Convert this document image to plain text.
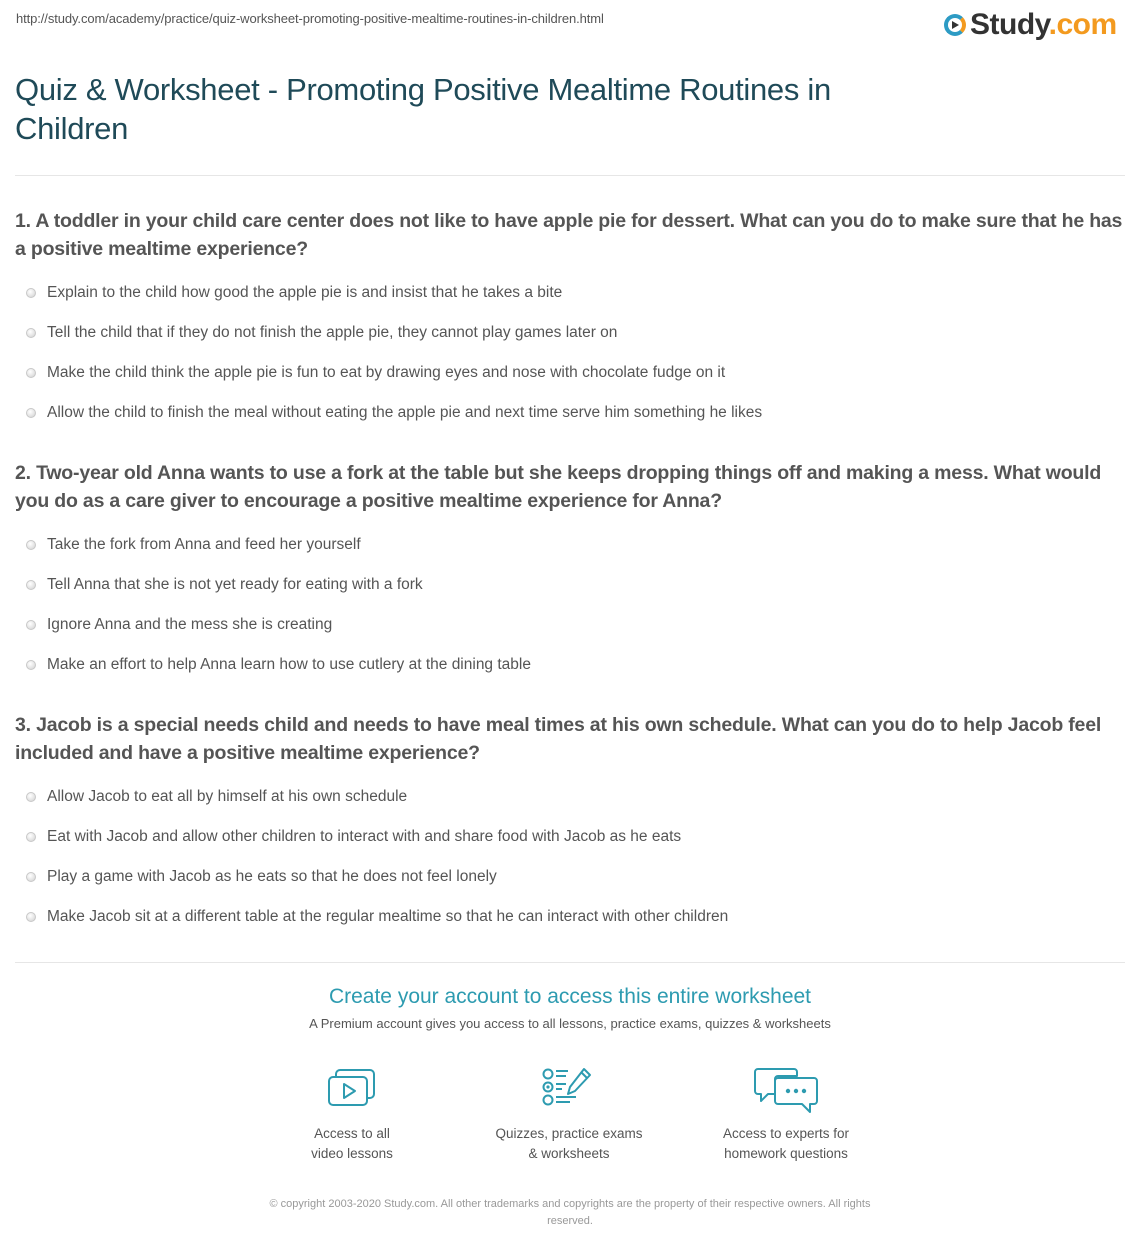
http://study.com/academy/practice/quiz-worksheet-promoting-positive-mealtime-routines-in-children.html	Study.com
Quiz & Worksheet - Promoting Positive Mealtime Routines in Children
1. A toddler in your child care center does not like to have apple pie for dessert. What can you do to make sure that he has a positive mealtime experience?
Explain to the child how good the apple pie is and insist that he takes a bite
Tell the child that if they do not finish the apple pie, they cannot play games later on
Make the child think the apple pie is fun to eat by drawing eyes and nose with chocolate fudge on it
Allow the child to finish the meal without eating the apple pie and next time serve him something he likes
2. Two-year old Anna wants to use a fork at the table but she keeps dropping things off and making a mess. What would you do as a care giver to encourage a positive mealtime experience for Anna?
Take the fork from Anna and feed her yourself
Tell Anna that she is not yet ready for eating with a fork
Ignore Anna and the mess she is creating
Make an effort to help Anna learn how to use cutlery at the dining table
3. Jacob is a special needs child and needs to have meal times at his own schedule. What can you do to help Jacob feel included and have a positive mealtime experience?
Allow Jacob to eat all by himself at his own schedule
Eat with Jacob and allow other children to interact with and share food with Jacob as he eats
Play a game with Jacob as he eats so that he does not feel lonely
Make Jacob sit at a different table at the regular mealtime so that he can interact with other children
Create your account to access this entire worksheet
A Premium account gives you access to all lessons, practice exams, quizzes & worksheets
Access to all
video lessons
Quizzes, practice exams
& worksheets
Access to experts for
homework questions
© copyright 2003-2020 Study.com. All other trademarks and copyrights are the property of their respective owners. All rights
reserved.
